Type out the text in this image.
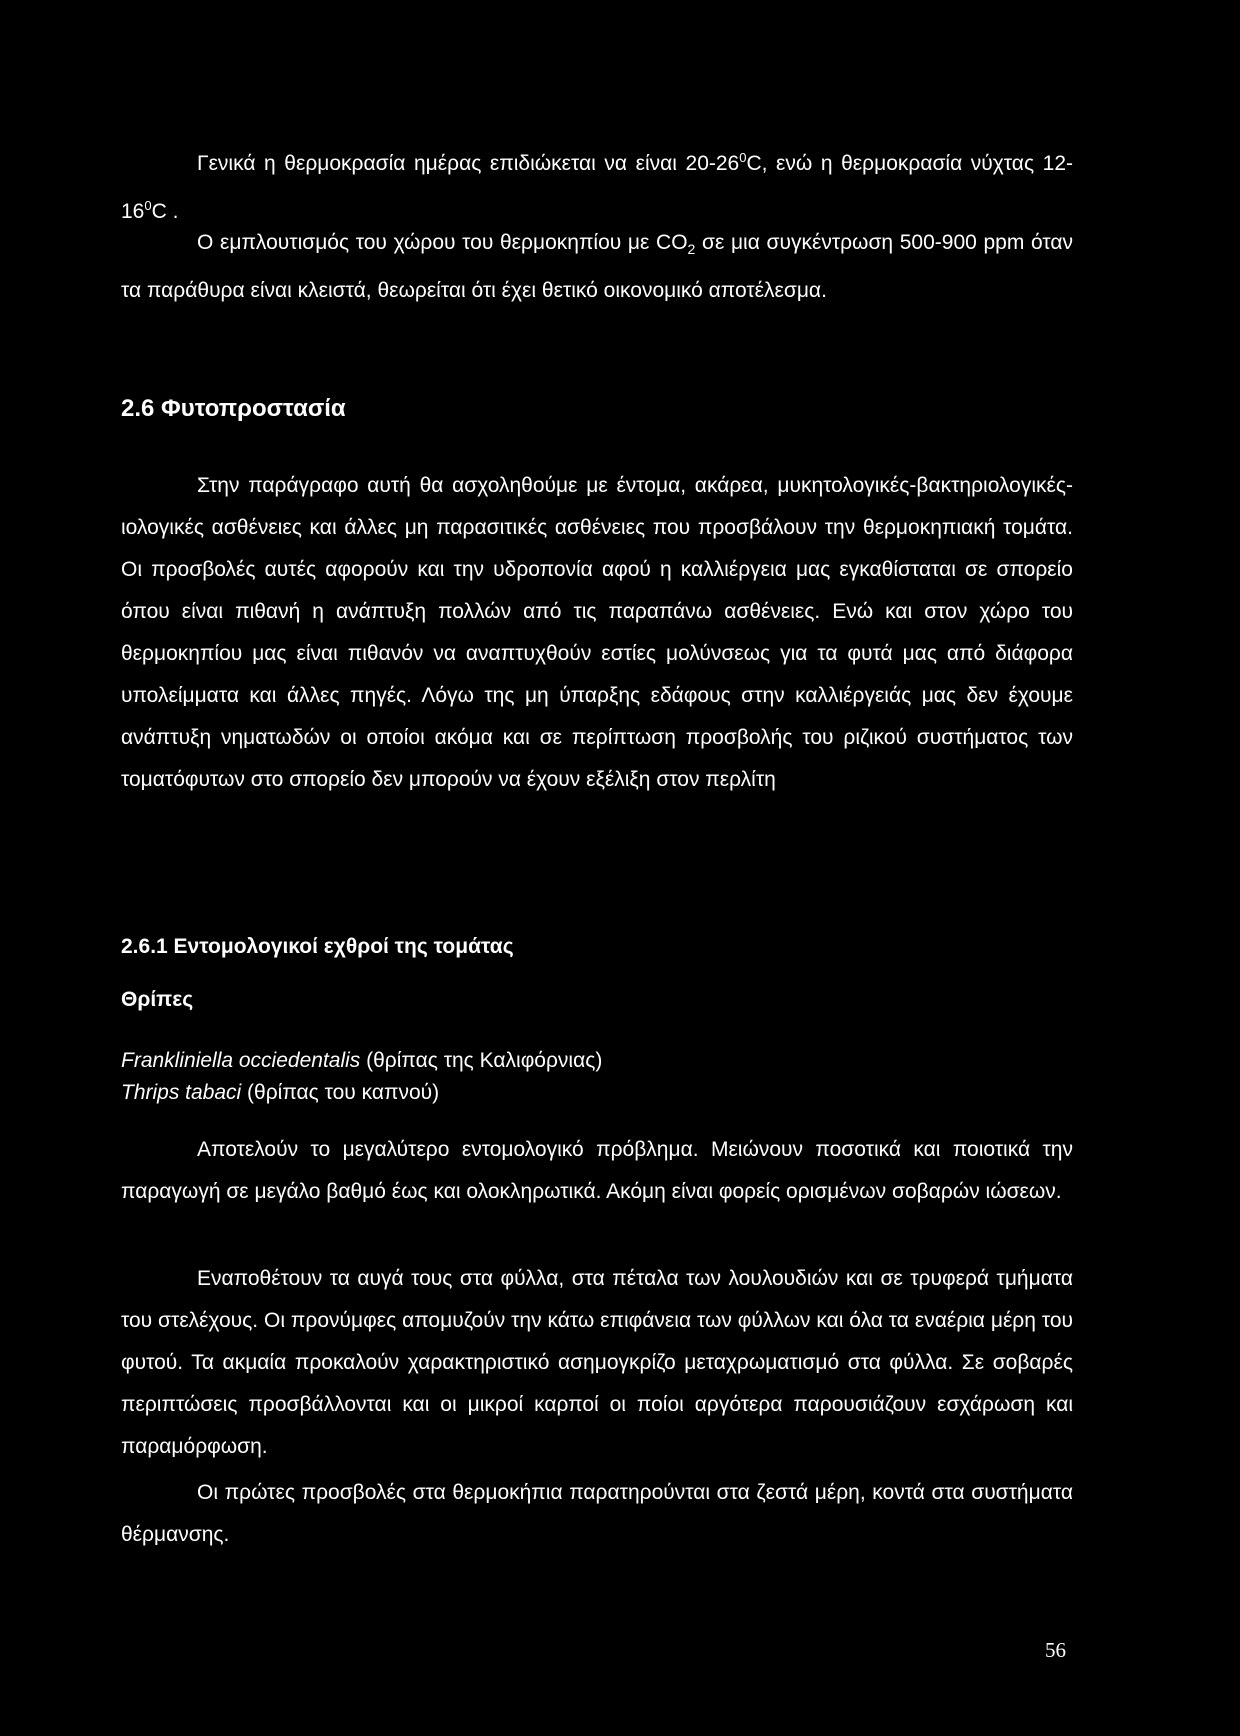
Γενικά η θερμοκρασία ημέρας επιδιώκεται να είναι $20-26^0C$, ενώ η θερμοκρασία νύχτας $12-16^0C$ .

Ο εμπλουτισμός του χώρου του θερμοκηπίου με $CO_2$ σε μια συγκέντρωση 500-900 ppm όταν τα παράθυρα είναι κλειστά, θεωρείται ότι έχει θετικό οικονομικό αποτέλεσμα.

2.6 Φυτοπροστασία

Στην παράγραφο αυτή θα ασχοληθούμε με έντομα, ακάρεα, μυκητολογικές-βακτηριολογικές-ιολογικές ασθένειες και άλλες μη παρασιτικές ασθένειες που προσβάλουν την θερμοκηπιακή τομάτα. Οι προσβολές αυτές αφορούν και την υδροπονία αφού η καλλιέργεια μας εγκαθίσταται σε σπορείο όπου είναι πιθανή η ανάπτυξη πολλών από τις παραπάνω ασθένειες. Ενώ και στον χώρο του θερμοκηπίου μας είναι πιθανόν να αναπτυχθούν εστίες μολύνσεως για τα φυτά μας από διάφορα υπολείμματα και άλλες πηγές. Λόγω της μη ύπαρξης εδάφους στην καλλιέργειάς μας δεν έχουμε ανάπτυξη νηματωδών οι οποίοι ακόμα και σε περίπτωση προσβολής του ριζικού συστήματος των τοματόφυτων στο σπορείο δεν μπορούν να έχουν εξέλιξη στον περλίτη

2.6.1 Εντομολογικοί εχθροί της τομάτας
Θρίπες

Frankliniella occiedentalis (θρίπας της Καλιφόρνιας)

Thrips tabaci (θρίπας του καπνού)

Αποτελούν το μεγαλύτερο εντομολογικό πρόβλημα. Μειώνουν ποσοτικά και ποιοτικά την παραγωγή σε μεγάλο βαθμό έως και ολοκληρωτικά. Ακόμη είναι φορείς ορισμένων σοβαρών ιώσεων.

Εναποθέτουν τα αυγά τους στα φύλλα, στα πέταλα των λουλουδιών και σε τρυφερά τμήματα του στελέχους. Οι προνύμφες απομυζούν την κάτω επιφάνεια των φύλλων και όλα τα εναέρια μέρη του φυτού. Τα ακμαία προκαλούν χαρακτηριστικό ασημογκρίζο μεταχρωματισμό στα φύλλα. Σε σοβαρές περιπτώσεις προσβάλλονται και οι μικροί καρποί οι ποίοι αργότερα παρουσιάζουν εσχάρωση και παραμόρφωση.

Οι πρώτες προσβολές στα θερμοκήπια παρατηρούνται στα ζεστά μέρη, κοντά στα συστήματα θέρμανσης.

56
